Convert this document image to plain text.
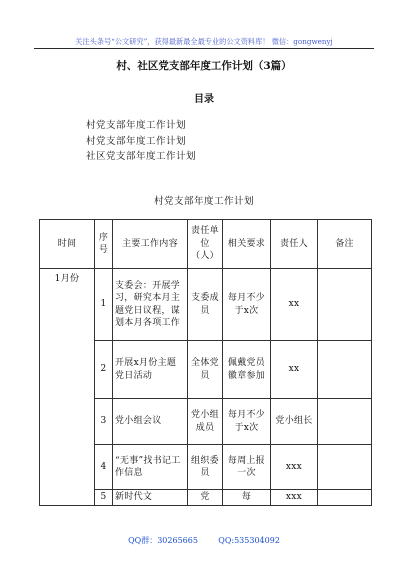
关注头条号“公文研究”，获得最新最全最专业的公文资料库！ 微信：gongwenyj
村、社区党支部年度工作计划（3篇）
目录
村党支部年度工作计划
村党支部年度工作计划
社区党支部年度工作计划
村党支部年度工作计划
时间	序号	主要工作内容	责任单位（人）	相关要求	责任人	备注
1月份	1	支委会：开展学习，研究本月主题党日议程，谋划本月各项工作	支委成员	每月不少于x次	xx	
	2	开展x月份主题党日活动	全体党员	佩戴党员徽章参加	xx	
	3	党小组会议	党小组成员	每月不少于x次	党小组长	
	4	“无事”找书记工作信息	组织委员	每周上报一次	xxx	
	5	新时代文	党	每	xxx	
QQ群：30265665	QQ:535304092
